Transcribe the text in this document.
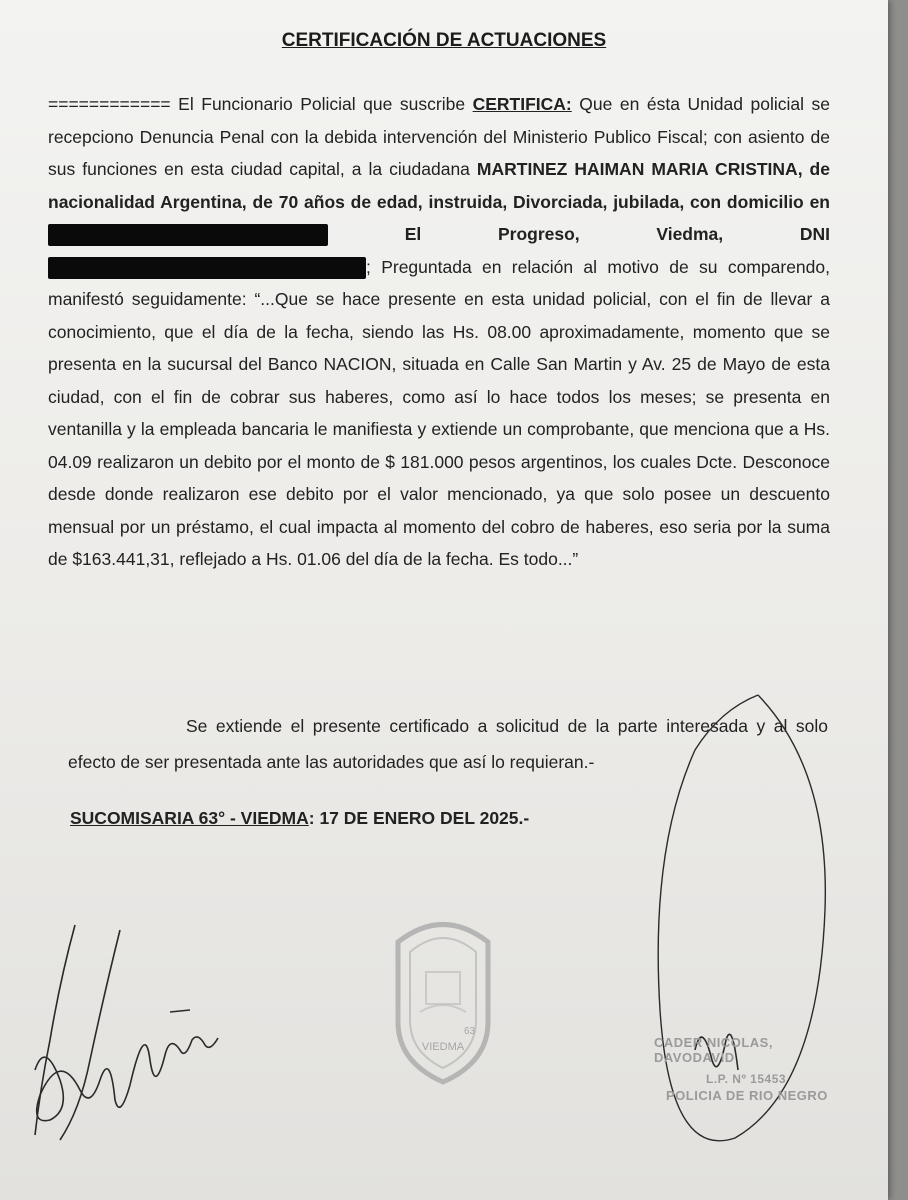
CERTIFICACIÓN DE ACTUACIONES

============ El Funcionario Policial que suscribe CERTIFICA: Que en ésta Unidad policial se recepciono Denuncia Penal con la debida intervención del Ministerio Publico Fiscal; con asiento de sus funciones en esta ciudad capital, a la ciudadana MARTINEZ HAIMAN MARIA CRISTINA, de nacionalidad Argentina, de 70 años de edad, instruida, Divorciada, jubilada, con domicilio en  El Progreso, Viedma, DNI ; Preguntada en relación al motivo de su comparendo, manifestó seguidamente: “...Que se hace presente en esta unidad policial, con el fin de llevar a conocimiento, que el día de la fecha, siendo las Hs. 08.00 aproximadamente, momento que se presenta en la sucursal del Banco NACION, situada en Calle San Martin y Av. 25 de Mayo de esta ciudad, con el fin de cobrar sus haberes, como así lo hace todos los meses; se presenta en ventanilla y la empleada bancaria le manifiesta y extiende un comprobante, que menciona que a Hs. 04.09 realizaron un debito por el monto de $ 181.000 pesos argentinos, los cuales Dcte. Desconoce desde donde realizaron ese debito por el valor mencionado, ya que solo posee un descuento mensual por un préstamo, el cual impacta al momento del cobro de haberes, eso seria por la suma de $163.441,31, reflejado a Hs. 01.06 del día de la fecha. Es todo...”

Se extiende el presente certificado a solicitud de la parte interesada y al solo efecto de ser presentada ante las autoridades que así lo requieran.-

SUCOMISARIA 63° - VIEDMA: 17 DE ENERO DEL 2025.-
63
VIEDMA	CADER NICOLAS, DAVODAVID
L.P. Nº 15453
POLICIA DE RIO NEGRO
